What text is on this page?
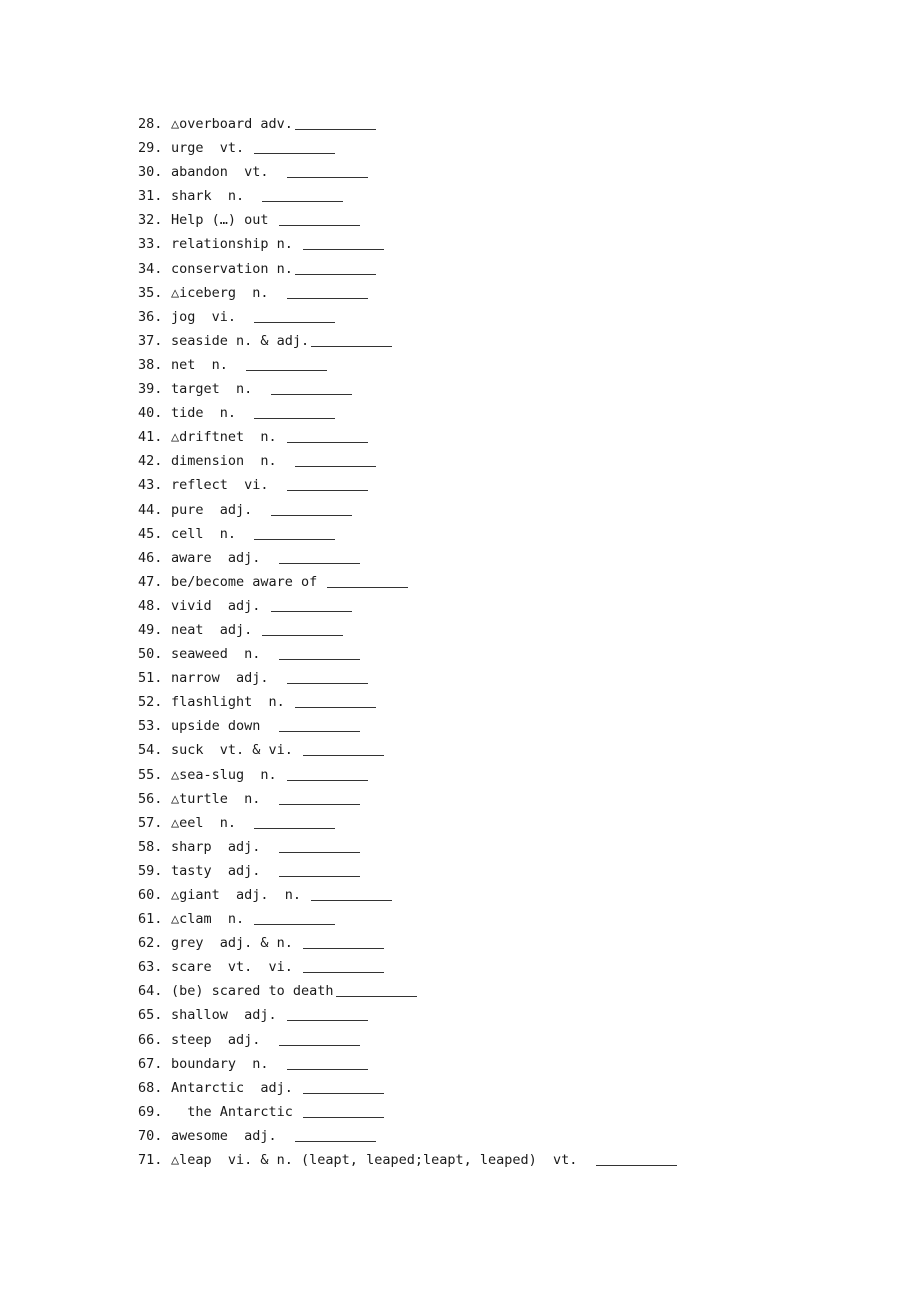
28. △overboard adv.
29. urge  vt.
30. abandon  vt.
31. shark  n.
32. Help (…) out
33. relationship n.
34. conservation n.
35. △iceberg  n.
36. jog  vi.
37. seaside n. & adj.
38. net  n.
39. target  n.
40. tide  n.
41. △driftnet  n.
42. dimension  n.
43. reflect  vi.
44. pure  adj.
45. cell  n.
46. aware  adj.
47. be/become aware of
48. vivid  adj.
49. neat  adj.
50. seaweed  n.
51. narrow  adj.
52. flashlight  n.
53. upside down
54. suck  vt. & vi.
55. △sea-slug  n.
56. △turtle  n.
57. △eel  n.
58. sharp  adj.
59. tasty  adj.
60. △giant  adj.  n.
61. △clam  n.
62. grey  adj. & n.
63. scare  vt.  vi.
64. (be) scared to death
65. shallow  adj.
66. steep  adj.
67. boundary  n.
68. Antarctic  adj.
69. the Antarctic
70. awesome  adj.
71. △leap  vi. & n. (leapt, leaped;leapt, leaped)  vt.
